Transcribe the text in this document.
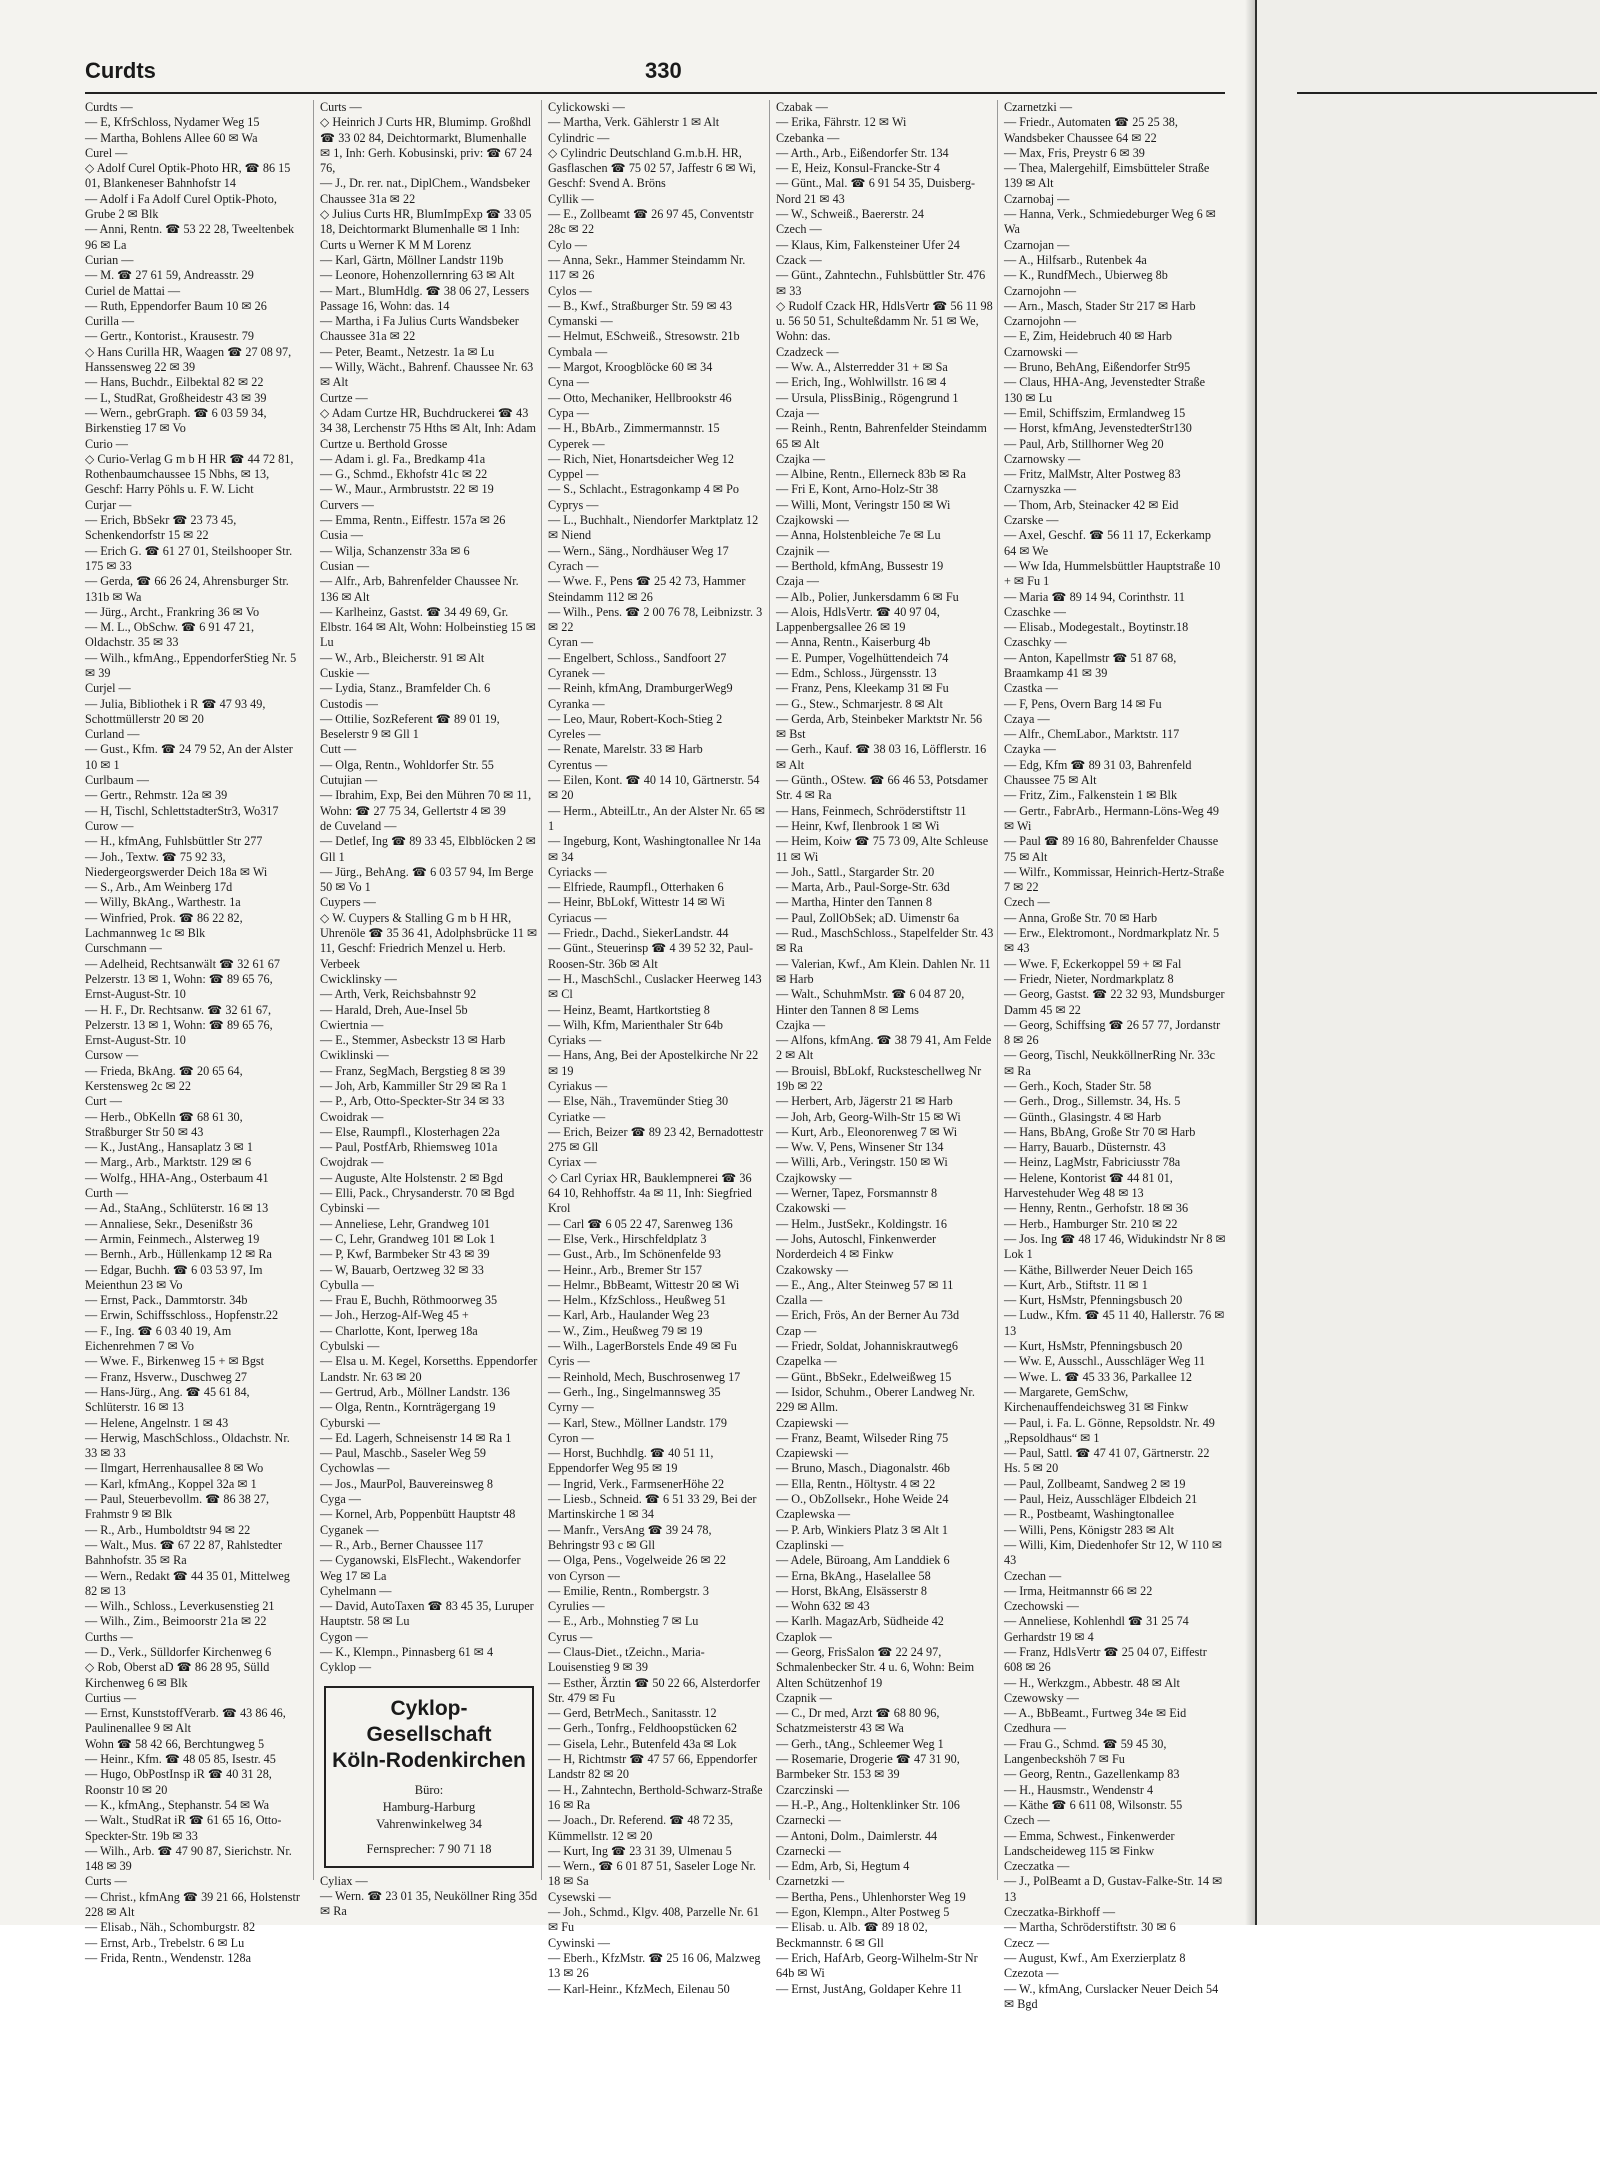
Curdts	330

Curdts —

— E, KfrSchloss, Nydamer Weg 15

— Martha, Bohlens Allee 60 ✉ Wa

Curel —

◇ Adolf Curel Optik-Photo HR, ☎ 86 15 01, Blankeneser Bahnhofstr 14

— Adolf i Fa Adolf Curel Optik-Photo, Grube 2 ✉ Blk

— Anni, Rentn. ☎ 53 22 28, Tweeltenbek 96 ✉ La

Curian —

— M. ☎ 27 61 59, Andreasstr. 29

Curiel de Mattai —

— Ruth, Eppendorfer Baum 10 ✉ 26

Curilla —

— Gertr., Kontorist., Krausestr. 79

◇ Hans Curilla HR, Waagen ☎ 27 08 97, Hanssensweg 22 ✉ 39

— Hans, Buchdr., Eilbektal 82 ✉ 22

— L, StudRat, Großheidestr 43 ✉ 39

— Wern., gebrGraph. ☎ 6 03 59 34, Birkenstieg 17 ✉ Vo

Curio —

◇ Curio-Verlag G m b H HR ☎ 44 72 81, Rothenbaumchaussee 15 Nbhs, ✉ 13, Geschf: Harry Pöhls u. F. W. Licht

Curjar —

— Erich, BbSekr ☎ 23 73 45, Schenkendorfstr 15 ✉ 22

— Erich G. ☎ 61 27 01, Steilshooper Str. 175 ✉ 33

— Gerda, ☎ 66 26 24, Ahrensburger Str. 131b ✉ Wa

— Jürg., Archt., Frankring 36 ✉ Vo

— M. L., ObSchw. ☎ 6 91 47 21, Oldachstr. 35 ✉ 33

— Wilh., kfmAng., EppendorferStieg Nr. 5 ✉ 39

Curjel —

— Julia, Bibliothek i R ☎ 47 93 49, Schottmüllerstr 20 ✉ 20

Curland —

— Gust., Kfm. ☎ 24 79 52, An der Alster 10 ✉ 1

Curlbaum —

— Gertr., Rehmstr. 12a ✉ 39

— H, Tischl, SchlettstadterStr3, Wo317

Curow —

— H., kfmAng, Fuhlsbüttler Str 277

— Joh., Textw. ☎ 75 92 33, Niedergeorgswerder Deich 18a ✉ Wi

— S., Arb., Am Weinberg 17d

— Willy, BkAng., Warthestr. 1a

— Winfried, Prok. ☎ 86 22 82, Lachmannweg 1c ✉ Blk

Curschmann —

— Adelheid, Rechtsanwält ☎ 32 61 67 Pelzerstr. 13 ✉ 1, Wohn: ☎ 89 65 76, Ernst-August-Str. 10

— H. F., Dr. Rechtsanw. ☎ 32 61 67, Pelzerstr. 13 ✉ 1, Wohn: ☎ 89 65 76, Ernst-August-Str. 10

Cursow —

— Frieda, BkAng. ☎ 20 65 64, Kerstensweg 2c ✉ 22

Curt —

— Herb., ObKelln ☎ 68 61 30, Straßburger Str 50 ✉ 43

— K., JustAng., Hansaplatz 3 ✉ 1

— Marg., Arb., Marktstr. 129 ✉ 6

— Wolfg., HHA-Ang., Osterbaum 41

Curth —

— Ad., StaAng., Schlüterstr. 16 ✉ 13

— Annaliese, Sekr., Desenißstr 36

— Armin, Feinmech., Alsterweg 19

— Bernh., Arb., Hüllenkamp 12 ✉ Ra

— Edgar, Buchh. ☎ 6 03 53 97, Im Meienthun 23 ✉ Vo

— Ernst, Pack., Dammtorstr. 34b

— Erwin, Schiffsschloss., Hopfenstr.22

— F., Ing. ☎ 6 03 40 19, Am Eichenrehmen 7 ✉ Vo

— Wwe. F., Birkenweg 15 + ✉ Bgst

— Franz, Hsverw., Duschweg 27

— Hans-Jürg., Ang. ☎ 45 61 84, Schlüterstr. 16 ✉ 13

— Helene, Angelnstr. 1 ✉ 43

— Herwig, MaschSchloss., Oldachstr. Nr. 33 ✉ 33

— Ilmgart, Herrenhausallee 8 ✉ Wo

— Karl, kfmAng., Koppel 32a ✉ 1

— Paul, Steuerbevollm. ☎ 86 38 27, Frahmstr 9 ✉ Blk

— R., Arb., Humboldtstr 94 ✉ 22

— Walt., Mus. ☎ 67 22 87, Rahlstedter Bahnhofstr. 35 ✉ Ra

— Wern., Redakt ☎ 44 35 01, Mittelweg 82 ✉ 13

— Wilh., Schloss., Leverkusenstieg 21

— Wilh., Zim., Beimoorstr 21a ✉ 22

Curths —

— D., Verk., Sülldorfer Kirchenweg 6

◇ Rob, Oberst aD ☎ 86 28 95, Sülld Kirchenweg 6 ✉ Blk

Curtius —

— Ernst, KunststoffVerarb. ☎ 43 86 46, Paulinenallee 9 ✉ Alt

Wohn ☎ 58 42 66, Berchtungweg 5

— Heinr., Kfm. ☎ 48 05 85, Isestr. 45

— Hugo, ObPostInsp iR ☎ 40 31 28, Roonstr 10 ✉ 20

— K., kfmAng., Stephanstr. 54 ✉ Wa

— Walt., StudRat iR ☎ 61 65 16, Otto-Speckter-Str. 19b ✉ 33

— Wilh., Arb. ☎ 47 90 87, Sierichstr. Nr. 148 ✉ 39

Curts —

— Christ., kfmAng ☎ 39 21 66, Holstenstr 228 ✉ Alt

— Elisab., Näh., Schomburgstr. 82

— Ernst, Arb., Trebelstr. 6 ✉ Lu

— Frida, Rentn., Wendenstr. 128a

Curts —

◇ Heinrich J Curts HR, Blumimp. Großhdl ☎ 33 02 84, Deichtormarkt, Blumenhalle ✉ 1, Inh: Gerh. Kobusinski, priv: ☎ 67 24 76,

— J., Dr. rer. nat., DiplChem., Wandsbeker Chaussee 31a ✉ 22

◇ Julius Curts HR, BlumImpExp ☎ 33 05 18, Deichtormarkt Blumenhalle ✉ 1 Inh: Curts u Werner K M M Lorenz

— Karl, Gärtn, Möllner Landstr 119b

— Leonore, Hohenzollernring 63 ✉ Alt

— Mart., BlumHdlg. ☎ 38 06 27, Lessers Passage 16, Wohn: das. 14

— Martha, i Fa Julius Curts Wandsbeker Chaussee 31a ✉ 22

— Peter, Beamt., Netzestr. 1a ✉ Lu

— Willy, Wächt., Bahrenf. Chaussee Nr. 63 ✉ Alt

Curtze —

◇ Adam Curtze HR, Buchdruckerei ☎ 43 34 38, Lerchenstr 75 Hths ✉ Alt, Inh: Adam Curtze u. Berthold Grosse

— Adam i. gl. Fa., Bredkamp 41a

— G., Schmd., Ekhofstr 41c ✉ 22

— W., Maur., Armbruststr. 22 ✉ 19

Curvers —

— Emma, Rentn., Eiffestr. 157a ✉ 26

Cusia —

— Wilja, Schanzenstr 33a ✉ 6

Cusian —

— Alfr., Arb, Bahrenfelder Chaussee Nr. 136 ✉ Alt

— Karlheinz, Gastst. ☎ 34 49 69, Gr. Elbstr. 164 ✉ Alt, Wohn: Holbeinstieg 15 ✉ Lu

— W., Arb., Bleicherstr. 91 ✉ Alt

Cuskie —

— Lydia, Stanz., Bramfelder Ch. 6

Custodis —

— Ottilie, SozReferent ☎ 89 01 19, Beselerstr 9 ✉ Gll 1

Cutt —

— Olga, Rentn., Wohldorfer Str. 55

Cutujian —

— Ibrahim, Exp, Bei den Mühren 70 ✉ 11, Wohn: ☎ 27 75 34, Gellertstr 4 ✉ 39

de Cuveland —

— Detlef, Ing ☎ 89 33 45, Elbblöcken 2 ✉ Gll 1

— Jürg., BehAng. ☎ 6 03 57 94, Im Berge 50 ✉ Vo 1

Cuypers —

◇ W. Cuypers & Stalling G m b H HR, Uhrenöle ☎ 35 36 41, Adolphsbrücke 11 ✉ 11, Geschf: Friedrich Menzel u. Herb. Verbeek

Cwicklinsky —

— Arth, Verk, Reichsbahnstr 92

— Harald, Dreh, Aue-Insel 5b

Cwiertnia —

— E., Stemmer, Asbeckstr 13 ✉ Harb

Cwiklinski —

— Franz, SegMach, Bergstieg 8 ✉ 39

— Joh, Arb, Kammiller Str 29 ✉ Ra 1

— P., Arb, Otto-Speckter-Str 34 ✉ 33

Cwoidrak —

— Else, Raumpfl., Klosterhagen 22a

— Paul, PostfArb, Rhiemsweg 101a

Cwojdrak —

— Auguste, Alte Holstenstr. 2 ✉ Bgd

— Elli, Pack., Chrysanderstr. 70 ✉ Bgd

Cybinski —

— Anneliese, Lehr, Grandweg 101

— C, Lehr, Grandweg 101 ✉ Lok 1

— P, Kwf, Barmbeker Str 43 ✉ 39

— W, Bauarb, Oertzweg 32 ✉ 33

Cybulla —

— Frau E, Buchh, Röthmoorweg 35

— Joh., Herzog-Alf-Weg 45 +

— Charlotte, Kont, Iperweg 18a

Cybulski —

— Elsa u. M. Kegel, Korsetths. Eppendorfer Landstr. Nr. 63 ✉ 20

— Gertrud, Arb., Möllner Landstr. 136

— Olga, Rentn., Kornträgergang 19

Cyburski —

— Ed. Lagerh, Schneisenstr 14 ✉ Ra 1

— Paul, Maschb., Saseler Weg 59

Cychowlas —

— Jos., MaurPol, Bauvereinsweg 8

Cyga —

— Kornel, Arb, Poppenbütt Hauptstr 48

Cyganek —

— R., Arb., Berner Chaussee 117

— Cyganowski, ElsFlecht., Wakendorfer Weg 17 ✉ La

Cyhelmann —

— David, AutoTaxen ☎ 83 45 35, Luruper Hauptstr. 58 ✉ Lu

Cygon —

— K., Klempn., Pinnasberg 61 ✉ 4

Cyklop —

Cyklop-Gesellschaft
Köln-Rodenkirchen
Büro:
Hamburg-Harburg
Vahrenwinkelweg 34
Fernsprecher: 7 90 71 18

Cyliax —

— Wern. ☎ 23 01 35, Neuköllner Ring 35d ✉ Ra

Cylickowski —

— Martha, Verk. Gählerstr 1 ✉ Alt

Cylindric —

◇ Cylindric Deutschland G.m.b.H. HR, Gasflaschen ☎ 75 02 57, Jaffestr 6 ✉ Wi, Geschf: Svend A. Bröns

Cyllik —

— E., Zollbeamt ☎ 26 97 45, Conventstr 28c ✉ 22

Cylo —

— Anna, Sekr., Hammer Steindamm Nr. 117 ✉ 26

Cylos —

— B., Kwf., Straßburger Str. 59 ✉ 43

Cymanski —

— Helmut, ESchweiß., Stresowstr. 21b

Cymbala —

— Margot, Kroogblöcke 60 ✉ 34

Cyna —

— Otto, Mechaniker, Hellbrookstr 46

Cypa —

— H., BbArb., Zimmermannstr. 15

Cyperek —

— Rich, Niet, Honartsdeicher Weg 12

Cyppel —

— S., Schlacht., Estragonkamp 4 ✉ Po

Cyprys —

— L., Buchhalt., Niendorfer Marktplatz 12 ✉ Niend

— Wern., Säng., Nordhäuser Weg 17

Cyrach —

— Wwe. F., Pens ☎ 25 42 73, Hammer Steindamm 112 ✉ 26

— Wilh., Pens. ☎ 2 00 76 78, Leibnizstr. 3 ✉ 22

Cyran —

— Engelbert, Schloss., Sandfoort 27

Cyranek —

— Reinh, kfmAng, DramburgerWeg9

Cyranka —

— Leo, Maur, Robert-Koch-Stieg 2

Cyreles —

— Renate, Marelstr. 33 ✉ Harb

Cyrentus —

— Eilen, Kont. ☎ 40 14 10, Gärtnerstr. 54 ✉ 20

— Herm., AbteilLtr., An der Alster Nr. 65 ✉ 1

— Ingeburg, Kont, Washingtonallee Nr 14a ✉ 34

Cyriacks —

— Elfriede, Raumpfl., Otterhaken 6

— Heinr, BbLokf, Wittestr 14 ✉ Wi

Cyriacus —

— Friedr., Dachd., SiekerLandstr. 44

— Günt., Steuerinsp ☎ 4 39 52 32, Paul-Roosen-Str. 36b ✉ Alt

— H., MaschSchl., Cuslacker Heerweg 143 ✉ Cl

— Heinz, Beamt, Hartkortstieg 8

— Wilh, Kfm, Marienthaler Str 64b

Cyriaks —

— Hans, Ang, Bei der Apostelkirche Nr 22 ✉ 19

Cyriakus —

— Else, Näh., Travemünder Stieg 30

Cyriatke —

— Erich, Beizer ☎ 89 23 42, Bernadottestr 275 ✉ Gll

Cyriax —

◇ Carl Cyriax HR, Bauklempnerei ☎ 36 64 10, Rehhoffstr. 4a ✉ 11, Inh: Siegfried Krol

— Carl ☎ 6 05 22 47, Sarenweg 136

— Else, Verk., Hirschfeldplatz 3

— Gust., Arb., Im Schönenfelde 93

— Heinr., Arb., Bremer Str 157

— Helmr., BbBeamt, Wittestr 20 ✉ Wi

— Helm., KfzSchloss., Heußweg 51

— Karl, Arb., Haulander Weg 23

— W., Zim., Heußweg 79 ✉ 19

— Wilh., LagerBorstels Ende 49 ✉ Fu

Cyris —

— Reinhold, Mech, Buschrosenweg 17

— Gerh., Ing., Singelmannsweg 35

Cyrny —

— Karl, Stew., Möllner Landstr. 179

Cyron —

— Horst, Buchhdlg. ☎ 40 51 11, Eppendorfer Weg 95 ✉ 19

— Ingrid, Verk., FarmsenerHöhe 22

— Liesb., Schneid. ☎ 6 51 33 29, Bei der Martinskirche 1 ✉ 34

— Manfr., VersAng ☎ 39 24 78, Behringstr 93 c ✉ Gll

— Olga, Pens., Vogelweide 26 ✉ 22

von Cyrson —

— Emilie, Rentn., Rombergstr. 3

Cyrulies —

— E., Arb., Mohnstieg 7 ✉ Lu

Cyrus —

— Claus-Diet., tZeichn., Maria-Louisenstieg 9 ✉ 39

— Esther, Ärztin ☎ 50 22 66, Alsterdorfer Str. 479 ✉ Fu

— Gerd, BetrMech., Sanitasstr. 12

— Gerh., Tonfrg., Feldhoopstücken 62

— Gisela, Lehr., Butenfeld 43a ✉ Lok

— H, Richtmstr ☎ 47 57 66, Eppendorfer Landstr 82 ✉ 20

— H., Zahntechn, Berthold-Schwarz-Straße 16 ✉ Ra

— Joach., Dr. Referend. ☎ 48 72 35, Kümmellstr. 12 ✉ 20

— Kurt, Ing ☎ 23 31 39, Ulmenau 5

— Wern., ☎ 6 01 87 51, Saseler Loge Nr. 18 ✉ Sa

Cysewski —

— Joh., Schmd., Klgv. 408, Parzelle Nr. 61 ✉ Fu

Cywinski —

— Eberh., KfzMstr. ☎ 25 16 06, Malzweg 13 ✉ 26

— Karl-Heinr., KfzMech, Eilenau 50

Czabak —

— Erika, Fährstr. 12 ✉ Wi

Czebanka —

— Arth., Arb., Eißendorfer Str. 134

— E, Heiz, Konsul-Francke-Str 4

— Günt., Mal. ☎ 6 91 54 35, Duisberg-Nord 21 ✉ 43

— W., Schweiß., Baererstr. 24

Czech —

— Klaus, Kim, Falkensteiner Ufer 24

Czack —

— Günt., Zahntechn., Fuhlsbüttler Str. 476 ✉ 33

◇ Rudolf Czack HR, HdlsVertr ☎ 56 11 98 u. 56 50 51, Schulteßdamm Nr. 51 ✉ We, Wohn: das.

Czadzeck —

— Ww. A., Alsterredder 31 + ✉ Sa

— Erich, Ing., Wohlwillstr. 16 ✉ 4

— Ursula, PlissBinig., Rögengrund 1

Czaja —

— Reinh., Rentn, Bahrenfelder Steindamm 65 ✉ Alt

Czajka —

— Albine, Rentn., Ellerneck 83b ✉ Ra

— Fri E, Kont, Arno-Holz-Str 38

— Willi, Mont, Veringstr 150 ✉ Wi

Czajkowski —

— Anna, Holstenbleiche 7e ✉ Lu

Czajnik —

— Berthold, kfmAng, Bussestr 19

Czaja —

— Alb., Polier, Junkersdamm 6 ✉ Fu

— Alois, HdlsVertr. ☎ 40 97 04, Lappenbergsallee 26 ✉ 19

— Anna, Rentn., Kaiserburg 4b

— E. Pumper, Vogelhüttendeich 74

— Edm., Schloss., Jürgensstr. 13

— Franz, Pens, Kleekamp 31 ✉ Fu

— G., Stew., Schmarjestr. 8 ✉ Alt

— Gerda, Arb, Steinbeker Marktstr Nr. 56 ✉ Bst

— Gerh., Kauf. ☎ 38 03 16, Löfflerstr. 16 ✉ Alt

— Günth., OStew. ☎ 66 46 53, Potsdamer Str. 4 ✉ Ra

— Hans, Feinmech, Schröderstiftstr 11

— Heinr, Kwf, Ilenbrook 1 ✉ Wi

— Heim, Koiw ☎ 75 73 09, Alte Schleuse 11 ✉ Wi

— Joh., Sattl., Stargarder Str. 20

— Marta, Arb., Paul-Sorge-Str. 63d

— Martha, Hinter den Tannen 8

— Paul, ZollObSek; aD. Uimenstr 6a

— Rud., MaschSchloss., Stapelfelder Str. 43 ✉ Ra

— Valerian, Kwf., Am Klein. Dahlen Nr. 11 ✉ Harb

— Walt., SchuhmMstr. ☎ 6 04 87 20, Hinter den Tannen 8 ✉ Lems

Czajka —

— Alfons, kfmAng. ☎ 38 79 41, Am Felde 2 ✉ Alt

— Brouisl, BbLokf, Rucksteschellweg Nr 19b ✉ 22

— Herbert, Arb, Jägerstr 21 ✉ Harb

— Joh, Arb, Georg-Wilh-Str 15 ✉ Wi

— Kurt, Arb., Eleonorenweg 7 ✉ Wi

— Ww. V, Pens, Winsener Str 134

— Willi, Arb., Veringstr. 150 ✉ Wi

Czajkowsky —

— Werner, Tapez, Forsmannstr 8

Czakowski —

— Helm., JustSekr., Koldingstr. 16

— Johs, Autoschl, Finkenwerder Norderdeich 4 ✉ Finkw

Czakowsky —

— E., Ang., Alter Steinweg 57 ✉ 11

Czalla —

— Erich, Frös, An der Berner Au 73d

Czap —

— Friedr, Soldat, Johanniskrautweg6

Czapelka —

— Günt., BbSekr., Edelweißweg 15

— Isidor, Schuhm., Oberer Landweg Nr. 229 ✉ Allm.

Czapiewski —

— Franz, Beamt, Wilseder Ring 75

Czapiewski —

— Bruno, Masch., Diagonalstr. 46b

— Ella, Rentn., Höltystr. 4 ✉ 22

— O., ObZollsekr., Hohe Weide 24

Czaplewska —

— P. Arb, Winkiers Platz 3 ✉ Alt 1

Czaplinski —

— Adele, Büroang, Am Landdiek 6

— Erna, BkAng., Haselallee 58

— Horst, BkAng, Elsässerstr 8

— Wohn 632 ✉ 43

— Karlh. MagazArb, Südheide 42

Czaplok —

— Georg, FrisSalon ☎ 22 24 97, Schmalenbecker Str. 4 u. 6, Wohn: Beim Alten Schützenhof 19

Czapnik —

— C., Dr med, Arzt ☎ 68 80 96, Schatzmeisterstr 43 ✉ Wa

— Gerh., tAng., Schleemer Weg 1

— Rosemarie, Drogerie ☎ 47 31 90, Barmbeker Str. 153 ✉ 39

Czarczinski —

— H.-P., Ang., Holtenklinker Str. 106

Czarnecki —

— Antoni, Dolm., Daimlerstr. 44

Czarnecki —

— Edm, Arb, Si, Hegtum 4

Czarnetzki —

— Bertha, Pens., Uhlenhorster Weg 19

— Egon, Klempn., Alter Postweg 5

— Elisab. u. Alb. ☎ 89 18 02, Beckmannstr. 6 ✉ Gll

— Erich, HafArb, Georg-Wilhelm-Str Nr 64b ✉ Wi

— Ernst, JustAng, Goldaper Kehre 11

Czarnetzki —

— Friedr., Automaten ☎ 25 25 38, Wandsbeker Chaussee 64 ✉ 22

— Max, Fris, Preystr 6 ✉ 39

— Thea, Malergehilf, Eimsbütteler Straße 139 ✉ Alt

Czarnobaj —

— Hanna, Verk., Schmiedeburger Weg 6 ✉ Wa

Czarnojan —

— A., Hilfsarb., Rutenbek 4a

— K., RundfMech., Ubierweg 8b

Czarnojohn —

— Arn., Masch, Stader Str 217 ✉ Harb

Czarnojohn —

— E, Zim, Heidebruch 40 ✉ Harb

Czarnowski —

— Bruno, BehAng, Eißendorfer Str95

— Claus, HHA-Ang, Jevenstedter Straße 130 ✉ Lu

— Emil, Schiffszim, Ermlandweg 15

— Horst, kfmAng, JevenstedterStr130

— Paul, Arb, Stillhorner Weg 20

Czarnowsky —

— Fritz, MalMstr, Alter Postweg 83

Czarnyszka —

— Thom, Arb, Steinacker 42 ✉ Eid

Czarske —

— Axel, Geschf. ☎ 56 11 17, Eckerkamp 64 ✉ We

— Ww Ida, Hummelsbüttler Hauptstraße 10 + ✉ Fu 1

— Maria ☎ 89 14 94, Corinthstr. 11

Czaschke —

— Elisab., Modegestalt., Boytinstr.18

Czaschky —

— Anton, Kapellmstr ☎ 51 87 68, Braamkamp 41 ✉ 39

Czastka —

— F, Pens, Overn Barg 14 ✉ Fu

Czaya —

— Alfr., ChemLabor., Marktstr. 117

Czayka —

— Edg, Kfm ☎ 89 31 03, Bahrenfeld Chaussee 75 ✉ Alt

— Fritz, Zim., Falkenstein 1 ✉ Blk

— Gertr., FabrArb., Hermann-Löns-Weg 49 ✉ Wi

— Paul ☎ 89 16 80, Bahrenfelder Chausse 75 ✉ Alt

— Wilfr., Kommissar, Heinrich-Hertz-Straße 7 ✉ 22

Czech —

— Anna, Große Str. 70 ✉ Harb

— Erw., Elektromont., Nordmarkplatz Nr. 5 ✉ 43

— Wwe. F, Eckerkoppel 59 + ✉ Fal

— Friedr, Nieter, Nordmarkplatz 8

— Georg, Gastst. ☎ 22 32 93, Mundsburger Damm 45 ✉ 22

— Georg, Schiffsing ☎ 26 57 77, Jordanstr 8 ✉ 26

— Georg, Tischl, NeukköllnerRing Nr. 33c ✉ Ra

— Gerh., Koch, Stader Str. 58

— Gerh., Drog., Sillemstr. 34, Hs. 5

— Günth., Glasingstr. 4 ✉ Harb

— Hans, BbAng, Große Str 70 ✉ Harb

— Harry, Bauarb., Düsternstr. 43

— Heinz, LagMstr, Fabriciusstr 78a

— Helene, Kontorist ☎ 44 81 01, Harvestehuder Weg 48 ✉ 13

— Henny, Rentn., Gerhofstr. 18 ✉ 36

— Herb., Hamburger Str. 210 ✉ 22

— Jos. Ing ☎ 48 17 46, Widukindstr Nr 8 ✉ Lok 1

— Käthe, Billwerder Neuer Deich 165

— Kurt, Arb., Stiftstr. 11 ✉ 1

— Kurt, HsMstr, Pfenningsbusch 20

— Ludw., Kfm. ☎ 45 11 40, Hallerstr. 76 ✉ 13

— Kurt, HsMstr, Pfenningsbusch 20

— Ww. E, Ausschl., Ausschläger Weg 11

— Wwe. L. ☎ 45 33 36, Parkallee 12

— Margarete, GemSchw, Kirchenauffendeichsweg 31 ✉ Finkw

— Paul, i. Fa. L. Gönne, Repsoldstr. Nr. 49 „Repsoldhaus“ ✉ 1

— Paul, Sattl. ☎ 47 41 07, Gärtnerstr. 22 Hs. 5 ✉ 20

— Paul, Zollbeamt, Sandweg 2 ✉ 19

— Paul, Heiz, Ausschläger Elbdeich 21

— R., Postbeamt, Washingtonallee

— Willi, Pens, Königstr 283 ✉ Alt

— Willi, Kim, Diedenhofer Str 12, W 110 ✉ 43

Czechan —

— Irma, Heitmannstr 66 ✉ 22

Czechowski —

— Anneliese, Kohlenhdl ☎ 31 25 74 Gerhardstr 19 ✉ 4

— Franz, HdlsVertr ☎ 25 04 07, Eiffestr 608 ✉ 26

— H., Werkzgm., Abbestr. 48 ✉ Alt

Czewowsky —

— A., BbBeamt., Furtweg 34e ✉ Eid

Czedhura —

— Frau G., Schmd. ☎ 59 45 30, Langenbeckshöh 7 ✉ Fu

— Georg, Rentn., Gazellenkamp 83

— H., Hausmstr., Wendenstr 4

— Käthe ☎ 6 611 08, Wilsonstr. 55

Czech —

— Emma, Schwest., Finkenwerder Landscheideweg 115 ✉ Finkw

Czeczatka —

— J., PolBeamt a D, Gustav-Falke-Str. 14 ✉ 13

Czeczatka-Birkhoff —

— Martha, Schröderstiftstr. 30 ✉ 6

Czecz —

— August, Kwf., Am Exerzierplatz 8

Czezota —

— W., kfmAng, Curslacker Neuer Deich 54 ✉ Bgd
